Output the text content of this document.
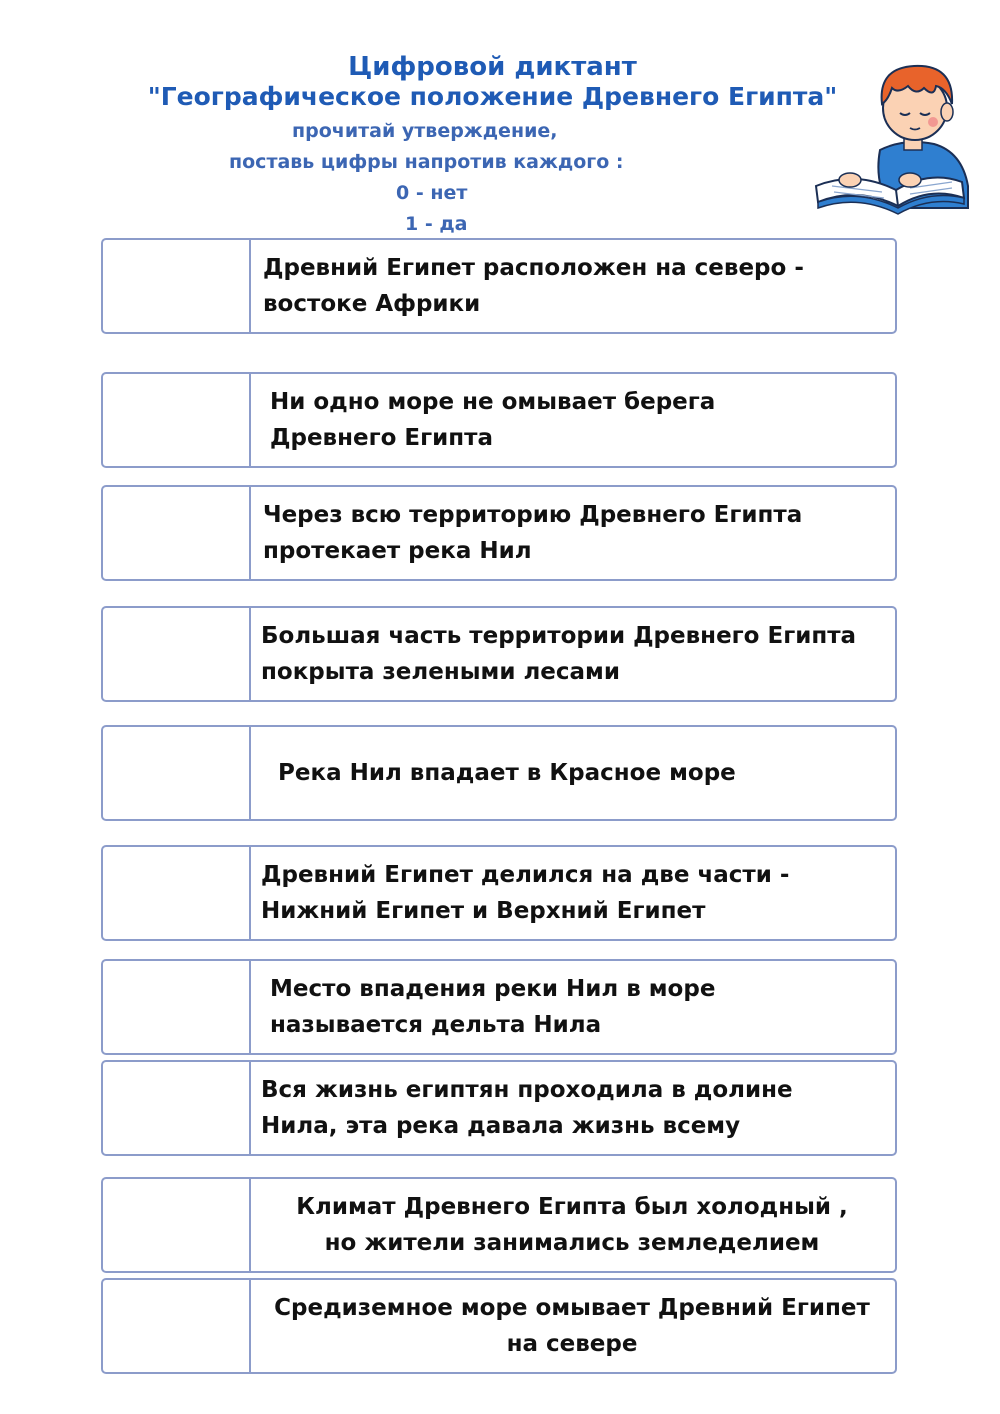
Цифровой диктант
"Географическое положение Древнего Египта"
прочитай утверждение,
поставь цифры напротив каждого :
0 - нет
1 - да
Древний Египет расположен на северо -
востоке Африки
Ни одно море не омывает берега
Древнего Египта
Через всю территорию Древнего Египта
протекает река Нил
Большая часть территории Древнего Египта
покрыта зелеными лесами
Река Нил впадает в Красное море
Древний Египет делился на две части -
Нижний Египет и Верхний Египет
Место впадения реки Нил в море
называется дельта Нила
Вся жизнь египтян проходила в долине
Нила, эта река давала жизнь всему
Климат Древнего Египта был холодный ,
но жители занимались земледелием
Средиземное море омывает Древний Египет
на севере
